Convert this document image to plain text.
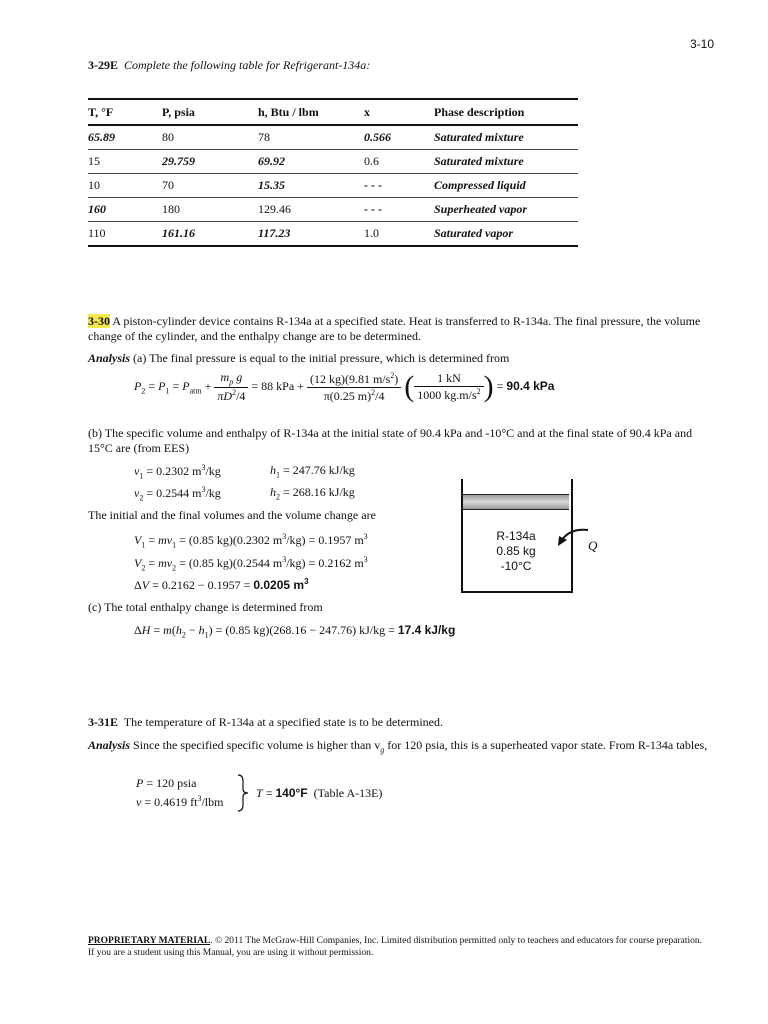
3-10
3-29E Complete the following table for Refrigerant-134a:
T, °F	P, psia	h, Btu / lbm	x	Phase description
65.89	80	78	0.566	Saturated mixture
15	29.759	69.92	0.6	Saturated mixture
10	70	15.35	- - -	Compressed liquid
160	180	129.46	- - -	Superheated vapor
110	161.16	117.23	1.0	Saturated vapor
3-30 A piston-cylinder device contains R-134a at a specified state. Heat is transferred to R-134a. The final pressure, the volume change of the cylinder, and the enthalpy change are to be determined.
Analysis (a) The final pressure is equal to the initial pressure, which is determined from
$P_2 = P_1 = P_{atm} + \frac{m_p g}{\pi D^2/4} = 88$ kPa + $\frac{(12 kg)(9.81 m/s^2)}{\pi(0.25 m)^2/4}$ ( $\frac{1 kN}{1000 kg.m/s^2}$ ) = 90.4 kPa
(b) The specific volume and enthalpy of R-134a at the initial state of 90.4 kPa and -10°C and at the final state of 90.4 kPa and 15°C are (from EES)
$v_1 = 0.2302$ $m^3/kg$	$h_1 = 247.76$ kJ/kg
$v_2 = 0.2544$ $m^3/kg$	$h_2 = 268.16$ kJ/kg
The initial and the final volumes and the volume change are
$V_1 = mv_1 = (0.85$ kg)(0.2302 $m^3/kg) = 0.1957$ $m^3$
$V_2 = mv_2 = (0.85$ kg)(0.2544 $m^3/kg) = 0.2162$ $m^3$
ΔV = 0.2162 − 0.1957 = 0.0205 $m^3$
(c) The total enthalpy change is determined from
$\Delta H = m(h_2 - h_1) = (0.85$ kg)(268.16 − 247.76) kJ/kg = 17.4 kJ/kg
R-134a
0.85 kg
-10°C
Q
3-31E The temperature of R-134a at a specified state is to be determined.
Analysis Since the specified specific volume is higher than $v_g$ for 120 psia, this is a superheated vapor state. From R-134a tables,
P = 120 psia
v = 0.4619 $ft^3$/lbm
T = 140°F (Table A-13E)
PROPRIETARY MATERIAL. © 2011 The McGraw-Hill Companies, Inc. Limited distribution permitted only to teachers and educators for course preparation. If you are a student using this Manual, you are using it without permission.
